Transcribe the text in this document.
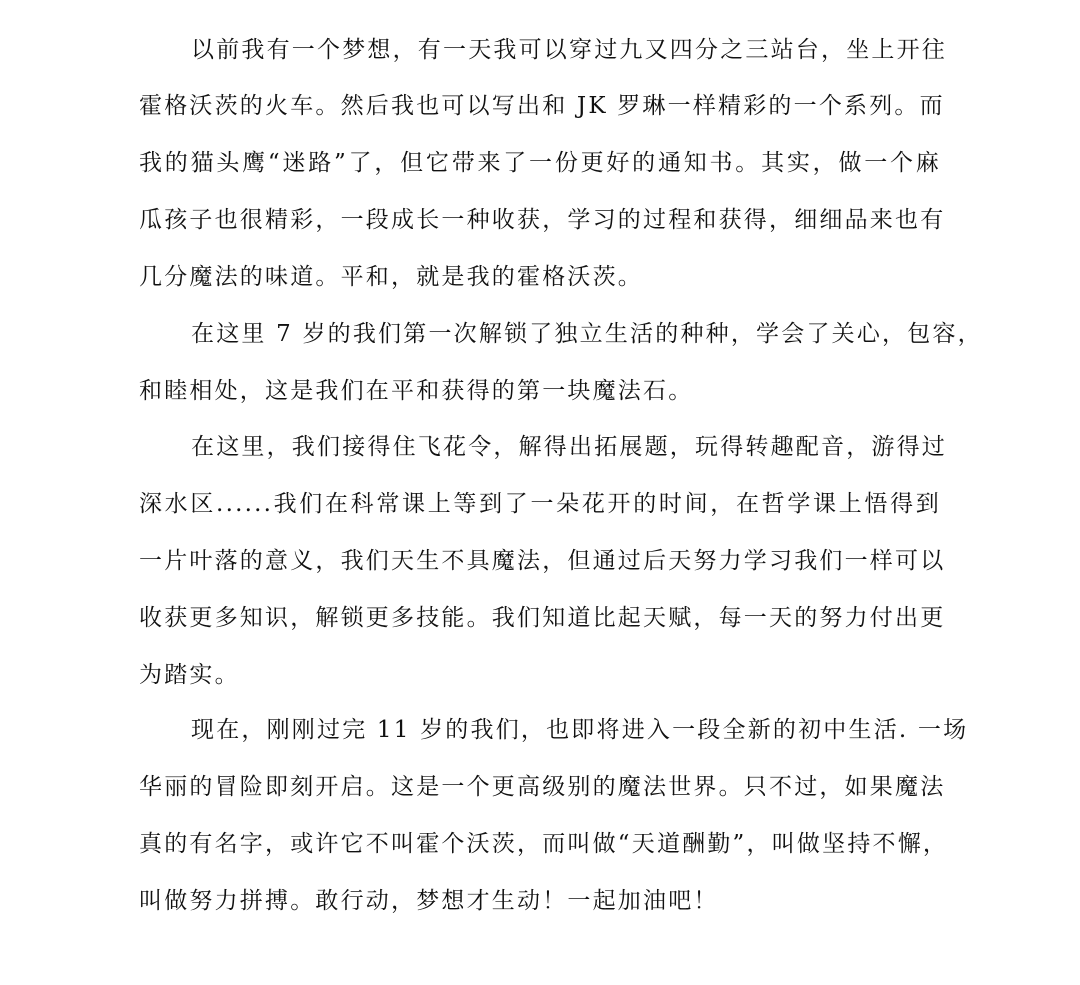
以前我有一个梦想，有一天我可以穿过九又四分之三站台，坐上开往
霍格沃茨的火车。然后我也可以写出和 JK 罗琳一样精彩的一个系列。而
我的猫头鹰“迷路”了，但它带来了一份更好的通知书。其实，做一个麻
瓜孩子也很精彩，一段成长一种收获，学习的过程和获得，细细品来也有
几分魔法的味道。平和，就是我的霍格沃茨。
在这里 7 岁的我们第一次解锁了独立生活的种种，学会了关心，包容，
和睦相处，这是我们在平和获得的第一块魔法石。
在这里，我们接得住飞花令，解得出拓展题，玩得转趣配音，游得过
深水区......我们在科常课上等到了一朵花开的时间，在哲学课上悟得到
一片叶落的意义，我们天生不具魔法，但通过后天努力学习我们一样可以
收获更多知识，解锁更多技能。我们知道比起天赋，每一天的努力付出更
为踏实。
现在，刚刚过完 11 岁的我们，也即将进入一段全新的初中生活. 一场
华丽的冒险即刻开启。这是一个更高级别的魔法世界。只不过，如果魔法
真的有名字，或许它不叫霍个沃茨，而叫做“天道酬勤”，叫做坚持不懈，
叫做努力拼搏。敢行动，梦想才生动！一起加油吧！
